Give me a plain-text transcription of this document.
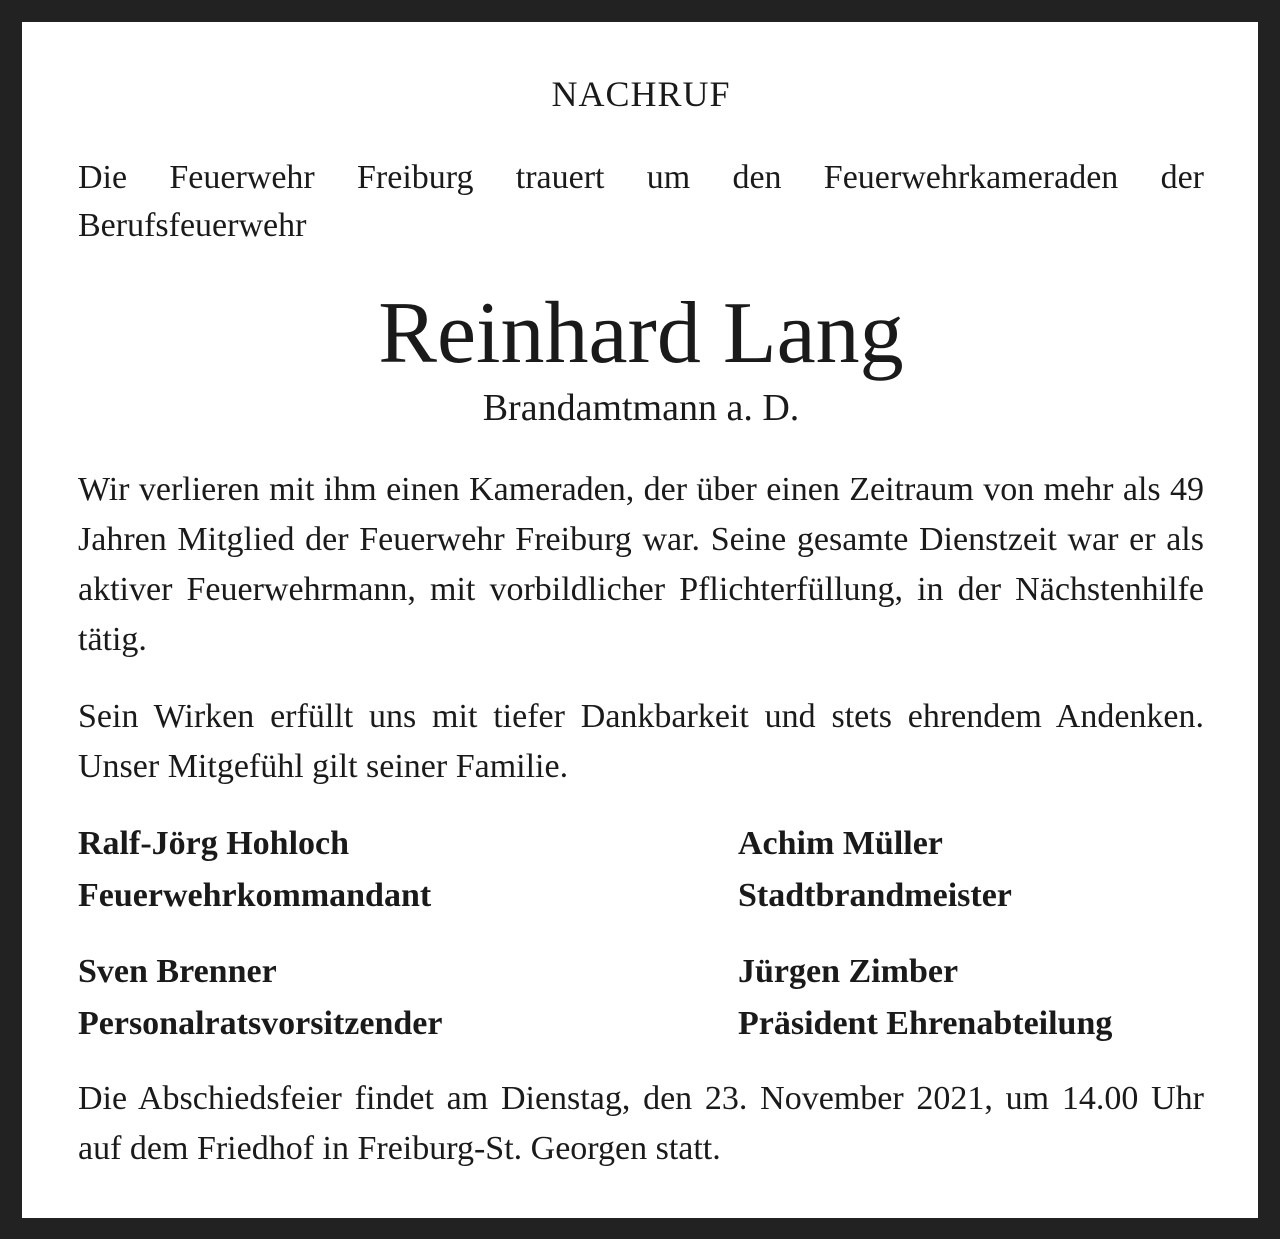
NACHRUF
Die Feuerwehr Freiburg trauert um den Feuerwehrkameraden der Berufsfeuerwehr
Reinhard Lang
Brandamtmann a. D.
Wir verlieren mit ihm einen Kameraden, der über einen Zeitraum von mehr als 49 Jahren Mitglied der Feuerwehr Freiburg war. Seine gesamte Dienstzeit war er als aktiver Feuerwehrmann, mit vorbildlicher Pflichterfüllung, in der Nächstenhilfe tätig.
Sein Wirken erfüllt uns mit tiefer Dankbarkeit und stets ehrendem Andenken. Unser Mitgefühl gilt seiner Familie.
Ralf-Jörg Hohloch
Feuerwehrkommandant
Achim Müller
Stadtbrandmeister
Sven Brenner
Personalratsvorsitzender
Jürgen Zimber
Präsident Ehrenabteilung
Die Abschiedsfeier findet am Dienstag, den 23. November 2021, um 14.00 Uhr auf dem Friedhof in Freiburg-St. Georgen statt.
